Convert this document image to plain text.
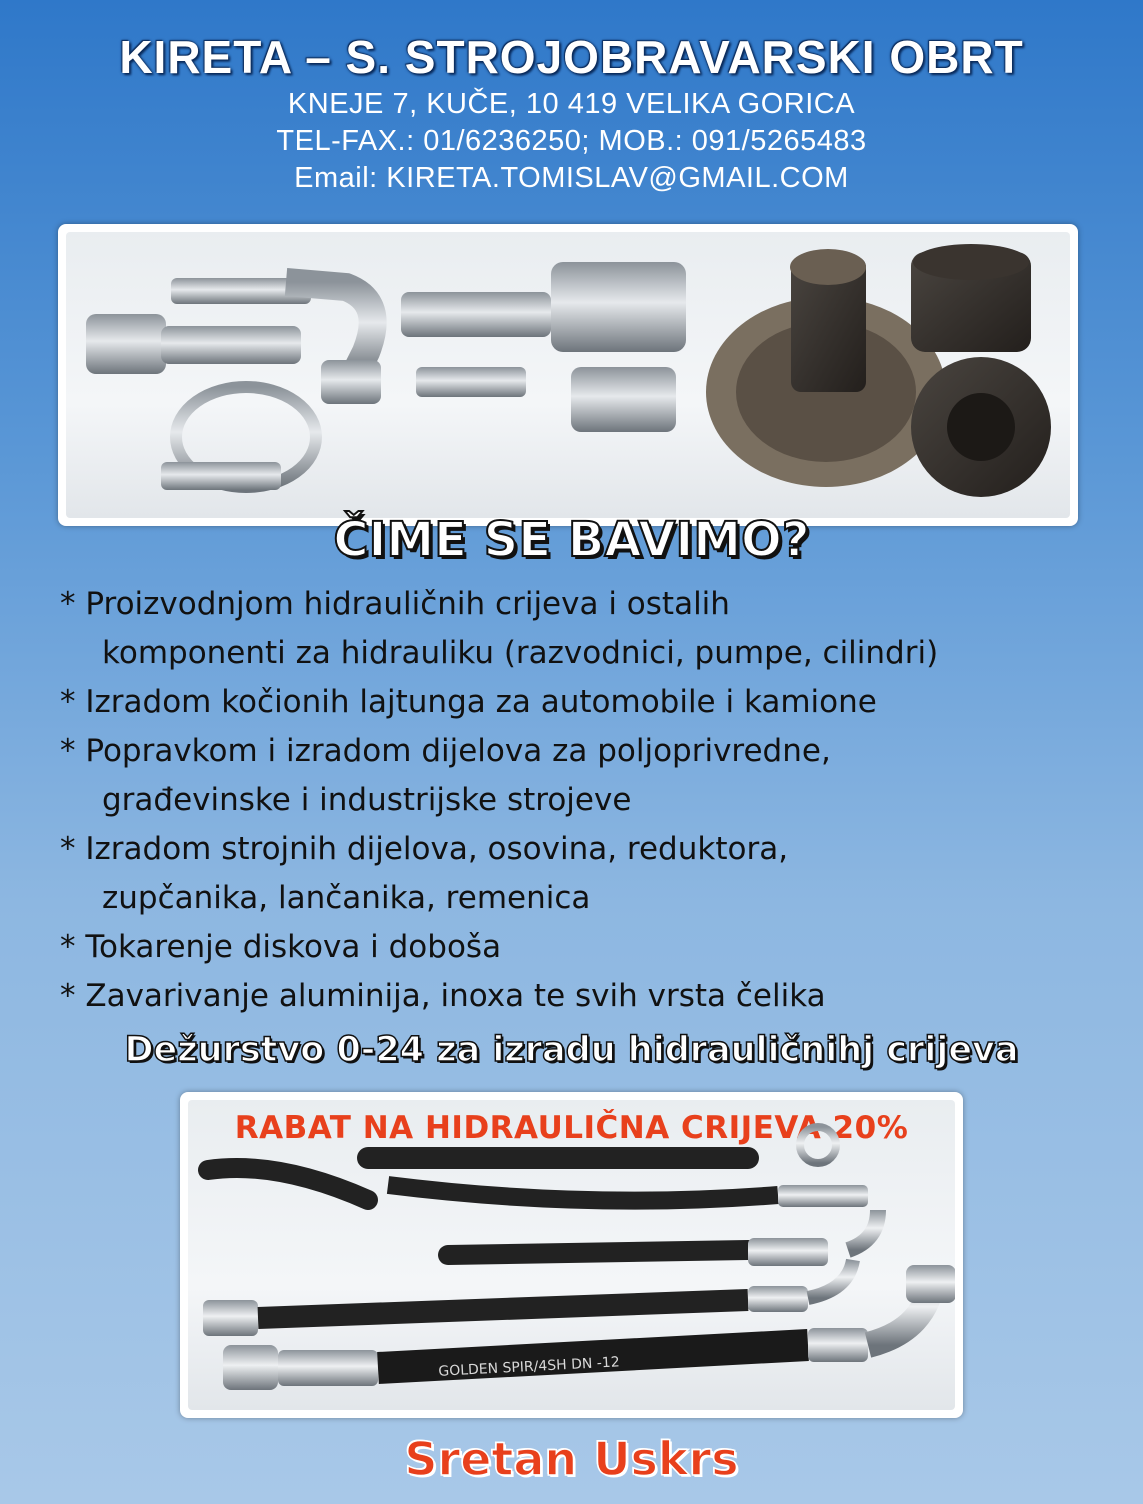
KIRETA – S. STROJOBRAVARSKI OBRT
KNEJE 7, KUČE, 10 419 VELIKA GORICA
TEL-FAX.: 01/6236250; MOB.: 091/5265483
Email: KIRETA.TOMISLAV@GMAIL.COM
ČIME SE BAVIMO?
* Proizvodnjom hidrauličnih crijeva i ostalih
komponenti za hidrauliku (razvodnici, pumpe, cilindri)
* Izradom kočionih lajtunga za automobile i kamione
* Popravkom i izradom dijelova za poljoprivredne,
građevinske i industrijske strojeve
* Izradom strojnih dijelova, osovina, reduktora,
zupčanika, lančanika, remenica
* Tokarenje diskova i doboša
* Zavarivanje aluminija, inoxa te svih vrsta čelika
Dežurstvo 0-24 za izradu hidrauličnihj crijeva
RABAT NA HIDRAULIČNA CRIJEVA 20%
GOLDEN SPIR/4SH DN -12
Sretan Uskrs
